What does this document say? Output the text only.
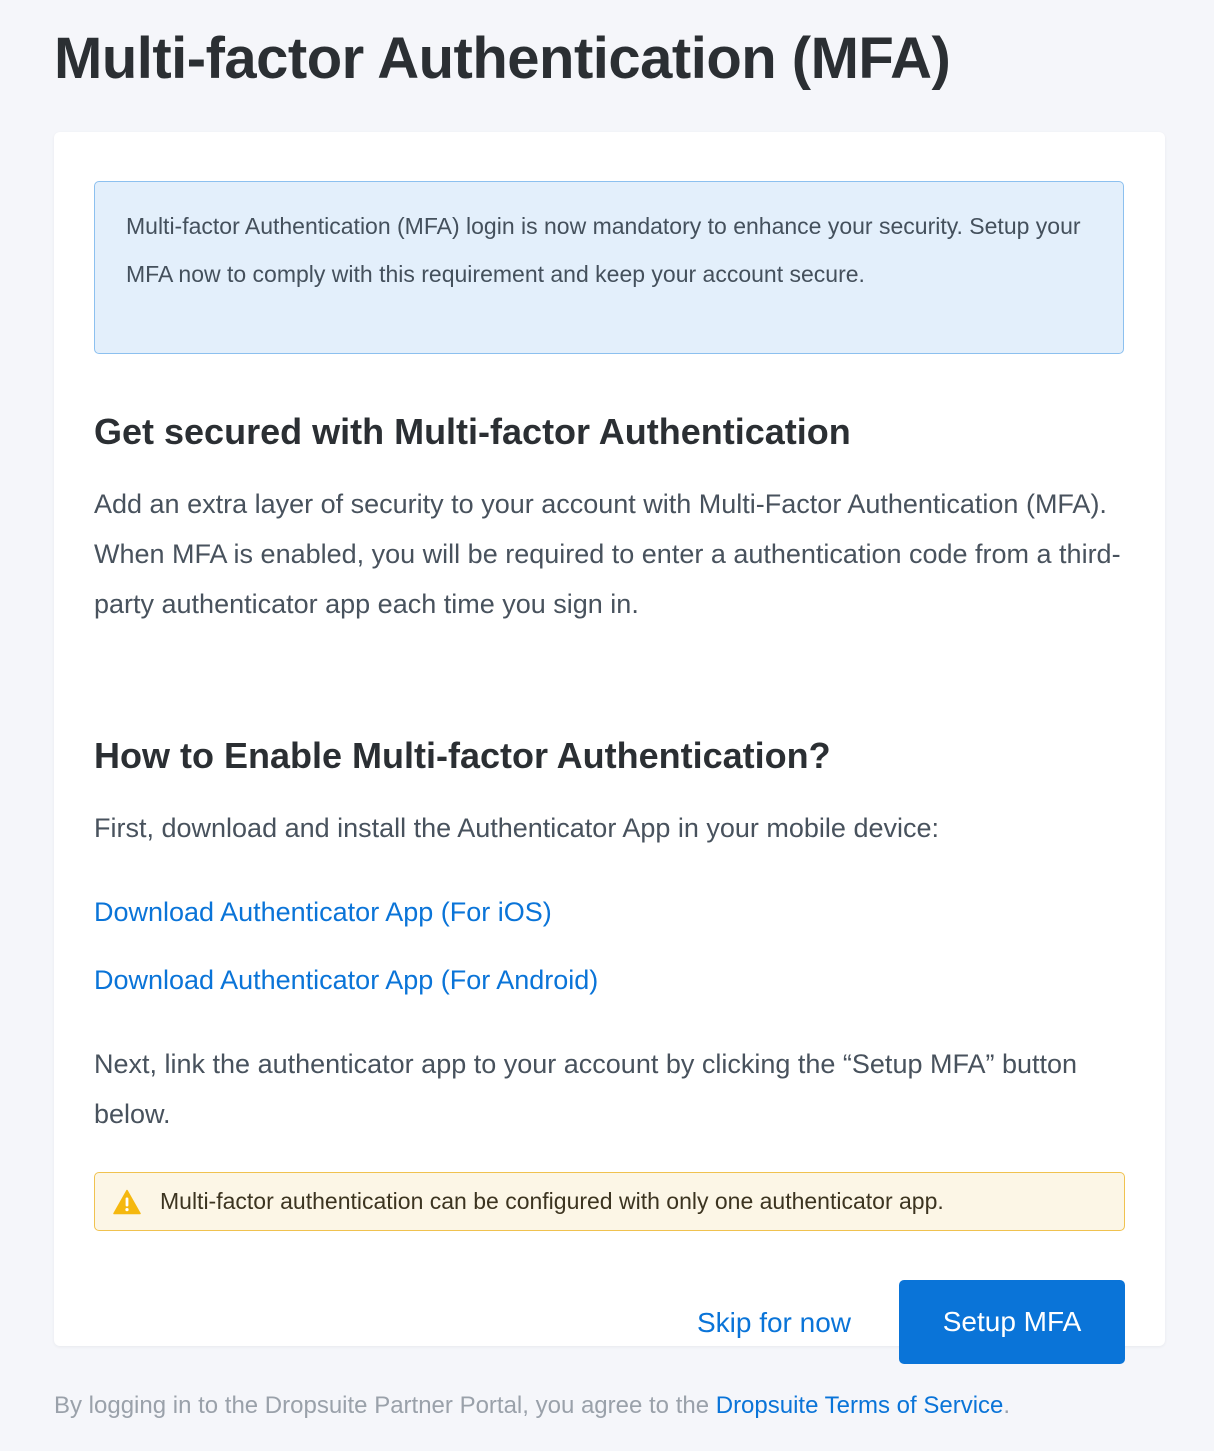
Multi-factor Authentication (MFA)
Multi-factor Authentication (MFA) login is now mandatory to enhance your security. Setup your MFA now to comply with this requirement and keep your account secure.
Get secured with Multi-factor Authentication

Add an extra layer of security to your account with Multi-Factor Authentication (MFA). When MFA is enabled, you will be required to enter a authentication code from a third-party authenticator app each time you sign in.

How to Enable Multi-factor Authentication?

First, download and install the Authenticator App in your mobile device:

Download Authenticator App (For iOS)
Download Authenticator App (For Android)

Next, link the authenticator app to your account by clicking the “Setup MFA” button below.

Multi-factor authentication can be configured with only one authenticator app.
Skip for now	Setup MFA
By logging in to the Dropsuite Partner Portal, you agree to the Dropsuite Terms of Service.
